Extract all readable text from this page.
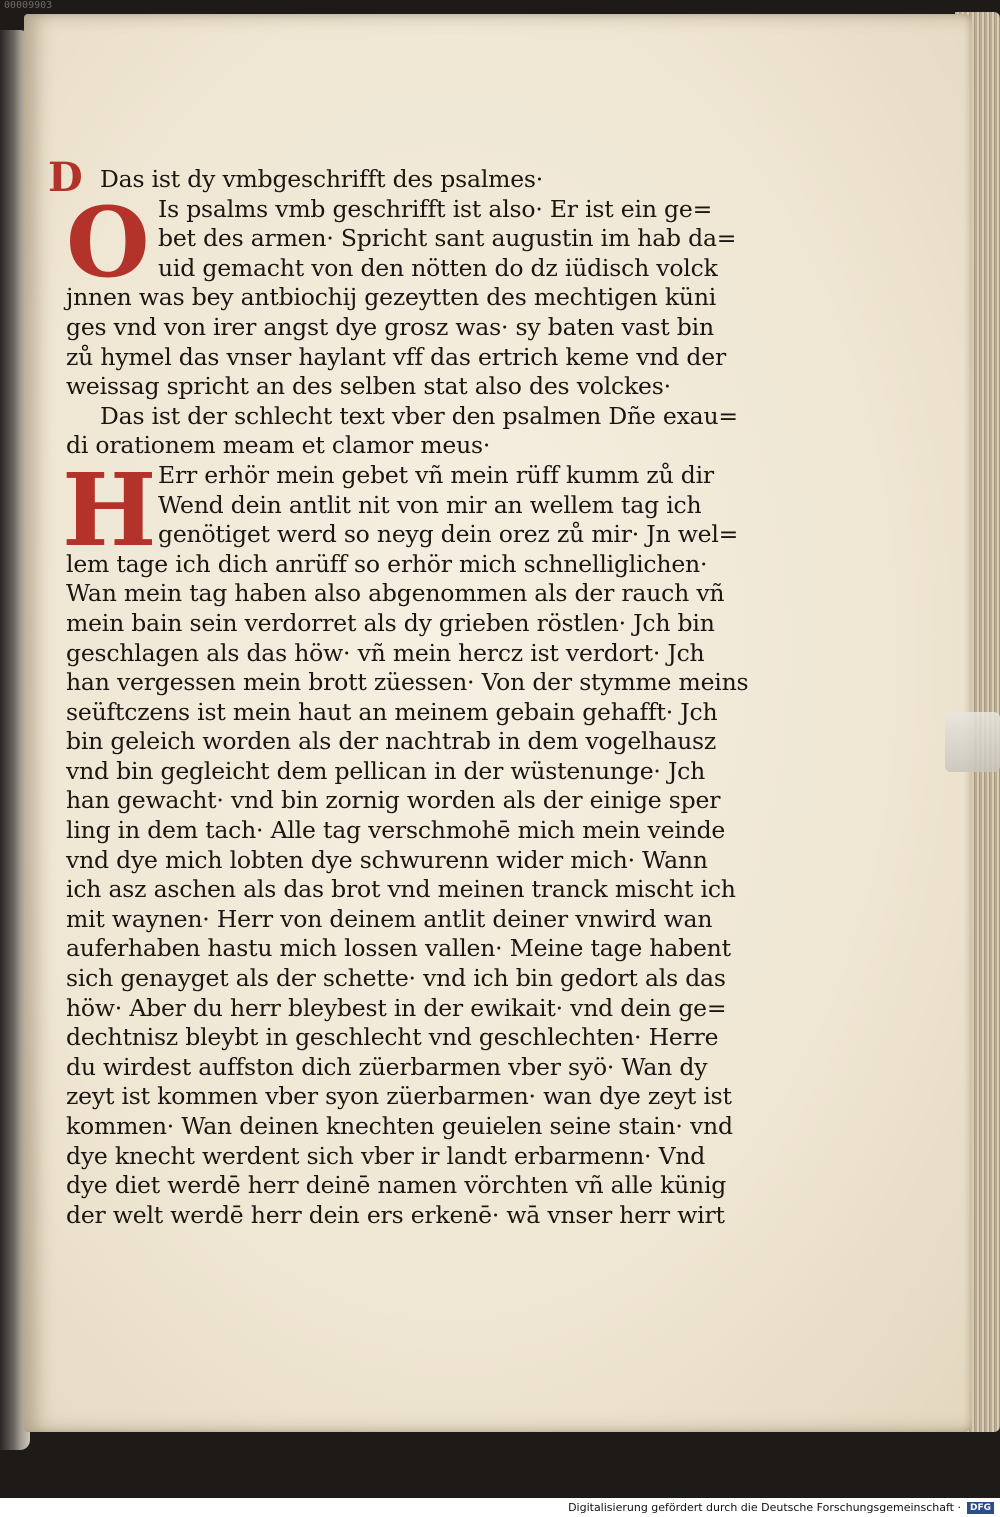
00009903
D
O
H
Das ist dy vmbgeschrifft des psalmes·
Is psalms vmb geschrifft ist also· Er ist ein ge=
bet des armen· Spricht sant augustin im hab da=
uid gemacht von den nötten do dz iüdisch volck
jnnen was bey antbiochij gezeytten des mechtigen küni
ges vnd von irer angst dye grosz was· sy baten vast bin
zů hymel das vnser haylant vff das ertrich keme vnd der
weissag spricht an des selben stat also des volckes·
Das ist der schlecht text vber den psalmen Dñe exau=
di orationem meam et clamor meus·
Err erhör mein gebet vñ mein rüff kumm zů dir
Wend dein antlit nit von mir an wellem tag ich
genötiget werd so neyg dein orez zů mir· Jn wel=
lem tage ich dich anrüff so erhör mich schnelliglichen·
Wan mein tag haben also abgenommen als der rauch vñ
mein bain sein verdorret als dy grieben röstlen· Jch bin
geschlagen als das höw· vñ mein hercz ist verdort· Jch
han vergessen mein brott züessen· Von der stymme meins
seüftczens ist mein haut an meinem gebain gehafft· Jch
bin geleich worden als der nachtrab in dem vogelhausz
vnd bin gegleicht dem pellican in der wüstenunge· Jch
han gewacht· vnd bin zornig worden als der einige sper
ling in dem tach· Alle tag verschmohē mich mein veinde
vnd dye mich lobten dye schwurenn wider mich· Wann
ich asz aschen als das brot vnd meinen tranck mischt ich
mit waynen· Herr von deinem antlit deiner vnwird wan
auferhaben hastu mich lossen vallen· Meine tage habent
sich genayget als der schette· vnd ich bin gedort als das
höw· Aber du herr bleybest in der ewikait· vnd dein ge=
dechtnisz bleybt in geschlecht vnd geschlechten· Herre
du wirdest auffston dich züerbarmen vber syö· Wan dy
zeyt ist kommen vber syon züerbarmen· wan dye zeyt ist
kommen· Wan deinen knechten geuielen seine stain· vnd
dye knecht werdent sich vber ir landt erbarmenn· Vnd
dye diet werdē herr deinē namen vörchten vñ alle künig
der welt werdē herr dein ers erkenē· wā vnser herr wirt
Digitalisierung gefördert durch die Deutsche Forschungsgemeinschaft · DFG
